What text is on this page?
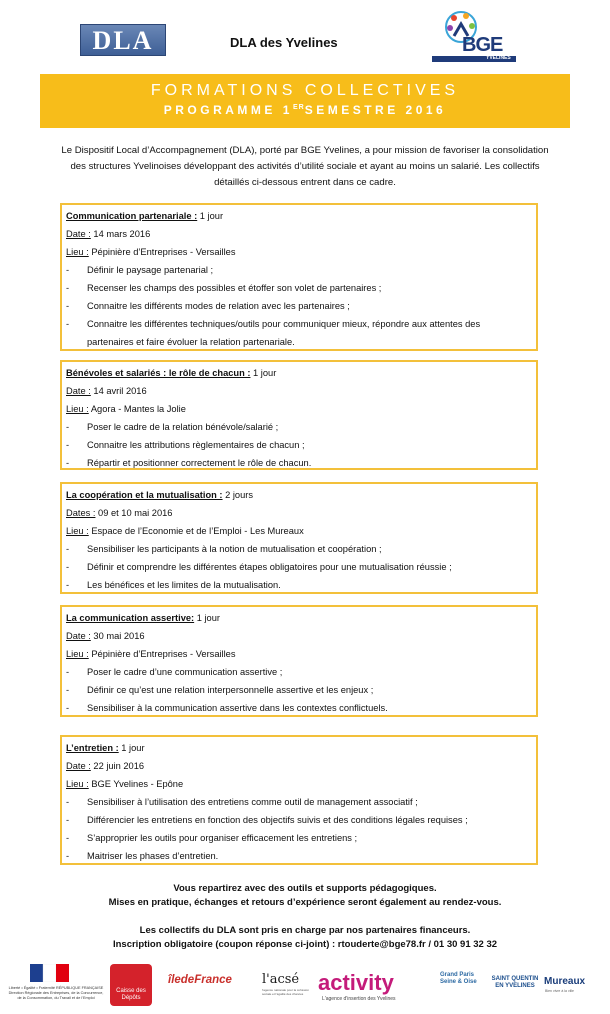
DLA	DLA des Yvelines	BGE
YVELINES
FORMATIONS COLLECTIVES
PROGRAMME 1ERSEMESTRE 2016
Le Dispositif Local d’Accompagnement (DLA), porté par BGE Yvelines, a pour mission de favoriser la consolidation des structures Yvelinoises développant des activités d’utilité sociale et ayant au moins un salarié. Les collectifs détaillés ci-dessous entrent dans ce cadre.
Communication partenariale : 1 jour
Date : 14 mars 2016
Lieu : Pépinière d’Entreprises - Versailles
-	Définir le paysage partenarial ;
-	Recenser les champs des possibles et étoffer son volet de partenaires ;
-	Connaitre les différents modes de relation avec les partenaires ;
-	Connaitre les différentes techniques/outils pour communiquer mieux, répondre aux attentes des
partenaires et faire évoluer la relation partenariale.
Bénévoles et salariés : le rôle de chacun : 1 jour
Date : 14 avril 2016
Lieu : Agora - Mantes la Jolie
-	Poser le cadre de la relation bénévole/salarié ;
-	Connaitre les attributions règlementaires de chacun ;
-	Répartir et positionner correctement le rôle de chacun.
La coopération et la mutualisation : 2 jours
Dates : 09 et 10 mai 2016
Lieu : Espace de l’Economie et de l’Emploi - Les Mureaux
-	Sensibiliser les participants à la notion de mutualisation et coopération ;
-	Définir et comprendre les différentes étapes obligatoires pour une mutualisation réussie ;
-	Les bénéfices et les limites de la mutualisation.
La communication assertive: 1 jour
Date : 30 mai 2016
Lieu : Pépinière d’Entreprises - Versailles
-	Poser le cadre d’une communication assertive ;
-	Définir ce qu’est une relation interpersonnelle assertive et les enjeux ;
-	Sensibiliser à la communication assertive dans les contextes conflictuels.
L’entretien : 1 jour
Date : 22 juin 2016
Lieu : BGE Yvelines - Epône
-	Sensibiliser à l’utilisation des entretiens comme outil de management associatif ;
-	Différencier les entretiens en fonction des objectifs suivis et des conditions légales requises ;
-	S’approprier les outils pour organiser efficacement les entretiens ;
-	Maitriser les phases d’entretien.
Vous repartirez avec des outils et supports pédagogiques.
Mises en pratique, échanges et retours d’expérience seront également au rendez-vous.
Les collectifs du DLA sont pris en charge par nos partenaires financeurs.
Inscription obligatoire (coupon réponse ci-joint) : rtouderte@bge78.fr / 01 30 91 32 32
Liberté • Égalité • Fraternité RÉPUBLIQUE FRANÇAISE Direction Régionale des Entreprises, de la Concurrence, de la Consommation, du Travail et de l'Emploi
Caisse des Dépôts
îledeFrance l'acsé
l'agence nationale pour la cohésion sociale et l'égalité des chances activity
L'agence d'insertion des Yvelines
Grand Paris Seine & Oise	SAINT QUENTIN EN YVELINES Mureaux
Bien vivre à la ville
